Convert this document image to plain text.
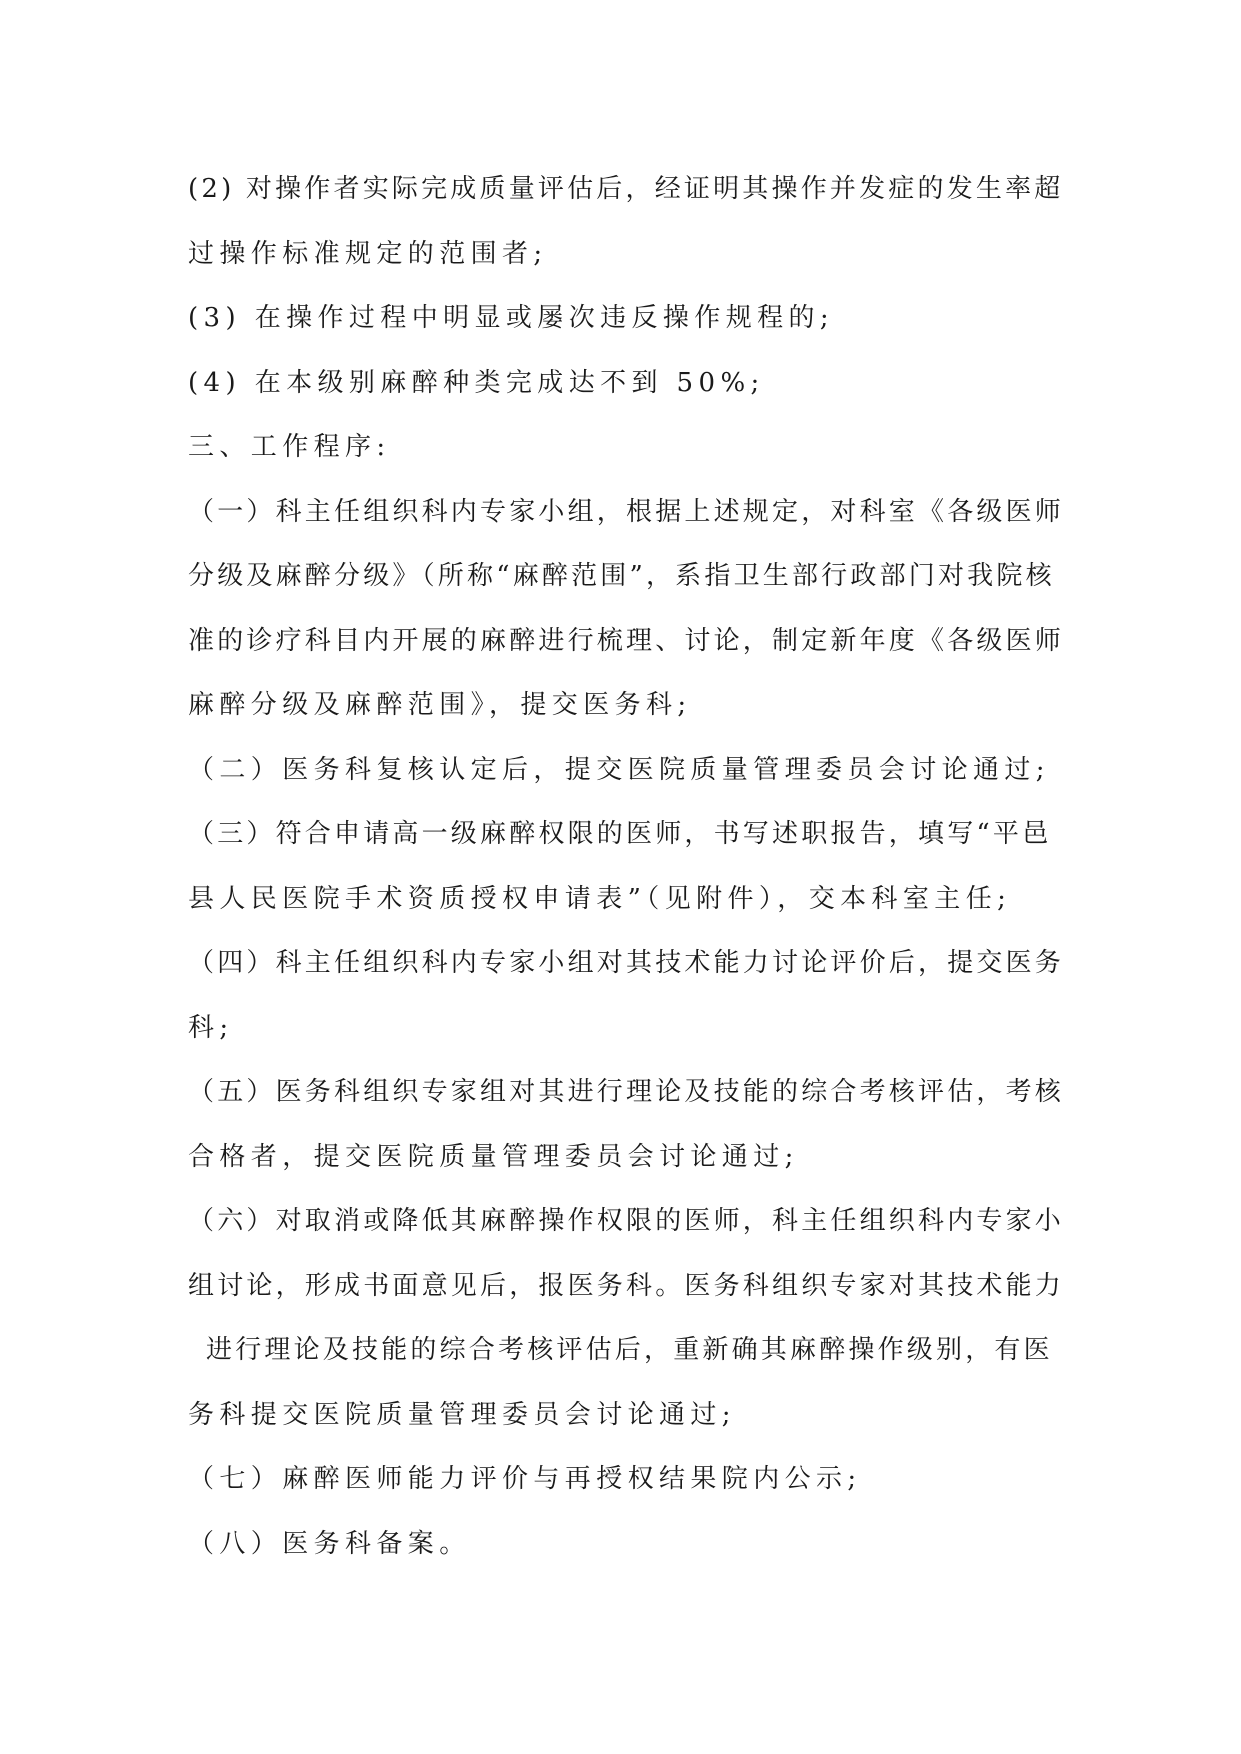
(2) 对操作者实际完成质量评估后，经证明其操作并发症的发生率超
过操作标准规定的范围者;
(3) 在操作过程中明显或屡次违反操作规程的;
(4) 在本级别麻醉种类完成达不到 50%;
三、工作程序:
（一）科主任组织科内专家小组，根据上述规定，对科室《各级医师
分级及麻醉分级》（所称“麻醉范围”，系指卫生部行政部门对我院核
准的诊疗科目内开展的麻醉进行梳理、讨论，制定新年度《各级医师
麻醉分级及麻醉范围》，提交医务科;
（二）医务科复核认定后，提交医院质量管理委员会讨论通过;
（三）符合申请高一级麻醉权限的医师，书写述职报告，填写“平邑
县人民医院手术资质授权申请表”（见附件），交本科室主任;
（四）科主任组织科内专家小组对其技术能力讨论评价后，提交医务
科;
（五）医务科组织专家组对其进行理论及技能的综合考核评估，考核
合格者，提交医院质量管理委员会讨论通过;
（六）对取消或降低其麻醉操作权限的医师，科主任组织科内专家小
组讨论，形成书面意见后，报医务科。医务科组织专家对其技术能力
进行理论及技能的综合考核评估后，重新确其麻醉操作级别，有医
务科提交医院质量管理委员会讨论通过;
（七）麻醉医师能力评价与再授权结果院内公示;
（八）医务科备案。
